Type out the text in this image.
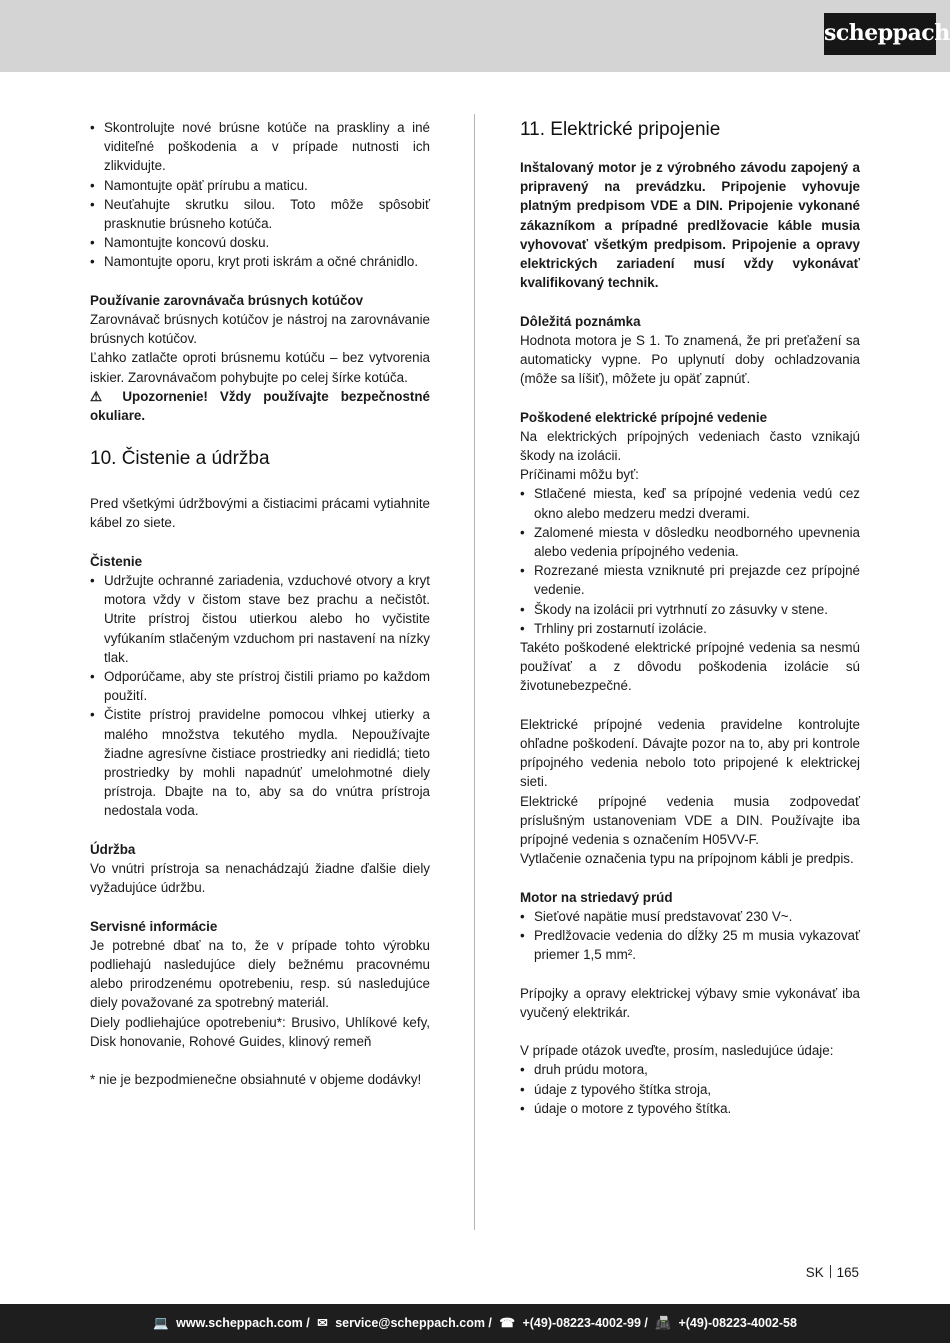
scheppach
• Skontrolujte nové brúsne kotúče na praskliny a iné viditeľné poškodenia a v prípade nutnosti ich zlikvidujte.
• Namontujte opäť prírubu a maticu.
• Neuťahujte skrutku silou. Toto môže spôsobiť prasknutie brúsneho kotúča.
• Namontujte koncovú dosku.
• Namontujte oporu, kryt proti iskrám a očné chránidlo.

Používanie zarovnávača brúsnych kotúčov

Zarovnávač brúsnych kotúčov je nástroj na zarovnávanie brúsnych kotúčov.

Ľahko zatlačte oproti brúsnemu kotúču – bez vytvorenia iskier. Zarovnávačom pohybujte po celej šírke kotúča.

⚠ Upozornenie! Vždy používajte bezpečnostné okuliare.

10. Čistenie a údržba

Pred všetkými údržbovými a čistiacimi prácami vytiahnite kábel zo siete.

Čistenie

• Udržujte ochranné zariadenia, vzduchové otvory a kryt motora vždy v čistom stave bez prachu a nečistôt. Utrite prístroj čistou utierkou alebo ho vyčistite vyfúkaním stlačeným vzduchom pri nastavení na nízky tlak.
• Odporúčame, aby ste prístroj čistili priamo po každom použití.
• Čistite prístroj pravidelne pomocou vlhkej utierky a malého množstva tekutého mydla. Nepoužívajte žiadne agresívne čistiace prostriedky ani riedidlá; tieto prostriedky by mohli napadnúť umelohmotné diely prístroja. Dbajte na to, aby sa do vnútra prístroja nedostala voda.

Údržba

Vo vnútri prístroja sa nenachádzajú žiadne ďalšie diely vyžadujúce údržbu.

Servisné informácie

Je potrebné dbať na to, že v prípade tohto výrobku podliehajú nasledujúce diely bežnému pracovnému alebo prirodzenému opotrebeniu, resp. sú nasledujúce diely považované za spotrebný materiál.

Diely podliehajúce opotrebeniu*: Brusivo, Uhlíkové kefy, Disk honovanie, Rohové Guides, klinový remeň

* nie je bezpodmienečne obsiahnuté v objeme dodávky!

11. Elektrické pripojenie

Inštalovaný motor je z výrobného závodu zapojený a pripravený na prevádzku. Pripojenie vyhovuje platným predpisom VDE a DIN. Pripojenie vykonané zákazníkom a prípadné predlžovacie káble musia vyhovovať všetkým predpisom. Pripojenie a opravy elektrických zariadení musí vždy vykonávať kvalifikovaný technik.

Dôležitá poznámka

Hodnota motora je S 1. To znamená, že pri preťažení sa automaticky vypne. Po uplynutí doby ochladzovania (môže sa líšiť), môžete ju opäť zapnúť.

Poškodené elektrické prípojné vedenie

Na elektrických prípojných vedeniach často vznikajú škody na izolácii.

Príčinami môžu byť:

• Stlačené miesta, keď sa prípojné vedenia vedú cez okno alebo medzeru medzi dverami.
• Zalomené miesta v dôsledku neodborného upevnenia alebo vedenia prípojného vedenia.
• Rozrezané miesta vzniknuté pri prejazde cez prípojné vedenie.
• Škody na izolácii pri vytrhnutí zo zásuvky v stene.
• Trhliny pri zostarnutí izolácie.

Takéto poškodené elektrické prípojné vedenia sa nesmú používať a z dôvodu poškodenia izolácie sú životunebezpečné.

Elektrické prípojné vedenia pravidelne kontrolujte ohľadne poškodení. Dávajte pozor na to, aby pri kontrole prípojného vedenia nebolo toto pripojené k elektrickej sieti.

Elektrické prípojné vedenia musia zodpovedať príslušným ustanoveniam VDE a DIN. Používajte iba prípojné vedenia s označením H05VV-F.

Vytlačenie označenia typu na prípojnom kábli je predpis.

Motor na striedavý prúd

• Sieťové napätie musí predstavovať 230 V~.
• Predlžovacie vedenia do dĺžky 25 m musia vykazovať priemer 1,5 mm².

Prípojky a opravy elektrickej výbavy smie vykonávať iba vyučený elektrikár.

V prípade otázok uveďte, prosím, nasledujúce údaje:

• druh prúdu motora,
• údaje z typového štítka stroja,
• údaje o motore z typového štítka.
SK 165
💻 www.scheppach.com / ✉ service@scheppach.com / ☎ +(49)-08223-4002-99 / 📠 +(49)-08223-4002-58
